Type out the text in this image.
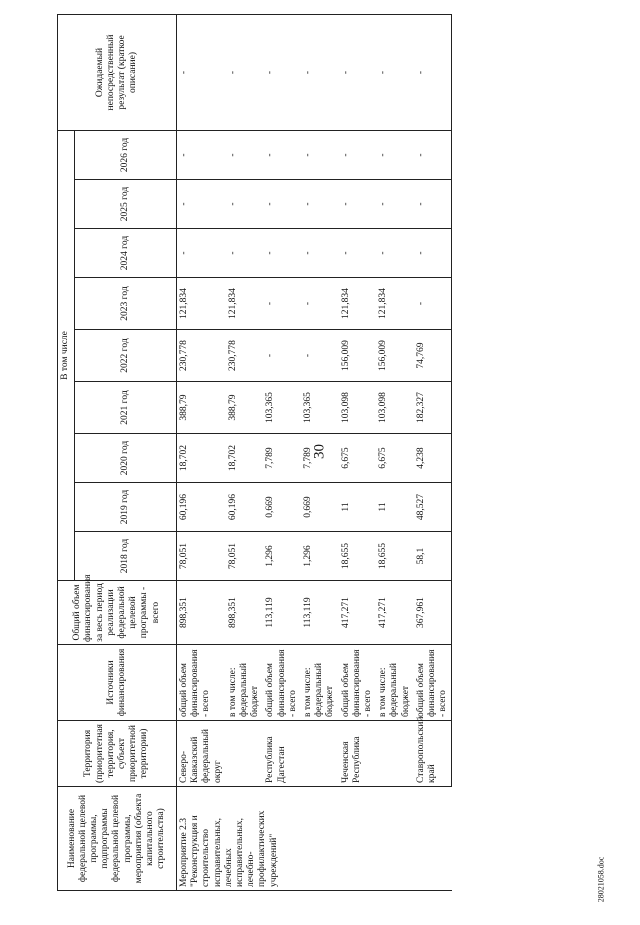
30
28021058.doc
Наименование федеральной целевой программы, подпрограммы федеральной целевой программы, мероприятия (объекта капитального строительства)	Территория (приоритетная территория, субъект приоритетной территории)	Источники финансирования	Общий объем финансирования за весь период реализации федеральной целевой программы - всего	В том числе									Ожидаемый непосредственный результат (краткое описание)
				2018 год	2019 год	2020 год	2021 год	2022 год	2023 год	2024 год	2025 год	2026 год	
Мероприятие 2.3 "Реконструкция и строительство исправительных, лечебных исправительных, лечебно-профилактических учреждений"	Северо-Кавказский федеральный округ	общий объем финансирования - всего	898,351	78,051	60,196	18,702	388,79	230,778	121,834	-	-	-	-
		в том числе: федеральный бюджет	898,351	78,051	60,196	18,702	388,79	230,778	121,834	-	-	-	-
	Республика Дагестан	общий объем финансирования - всего	113,119	1,296	0,669	7,789	103,365	-	-	-	-	-	-
		в том числе: федеральный бюджет	113,119	1,296	0,669	7,789	103,365	-	-	-	-	-	-
	Чеченская Республика	общий объем финансирования - всего	417,271	18,655	11	6,675	103,098	156,009	121,834	-	-	-	-
		в том числе: федеральный бюджет	417,271	18,655	11	6,675	103,098	156,009	121,834	-	-	-	-
	Ставропольский край	общий объем финансирования - всего	367,961	58,1	48,527	4,238	182,327	74,769	-	-	-	-	-
